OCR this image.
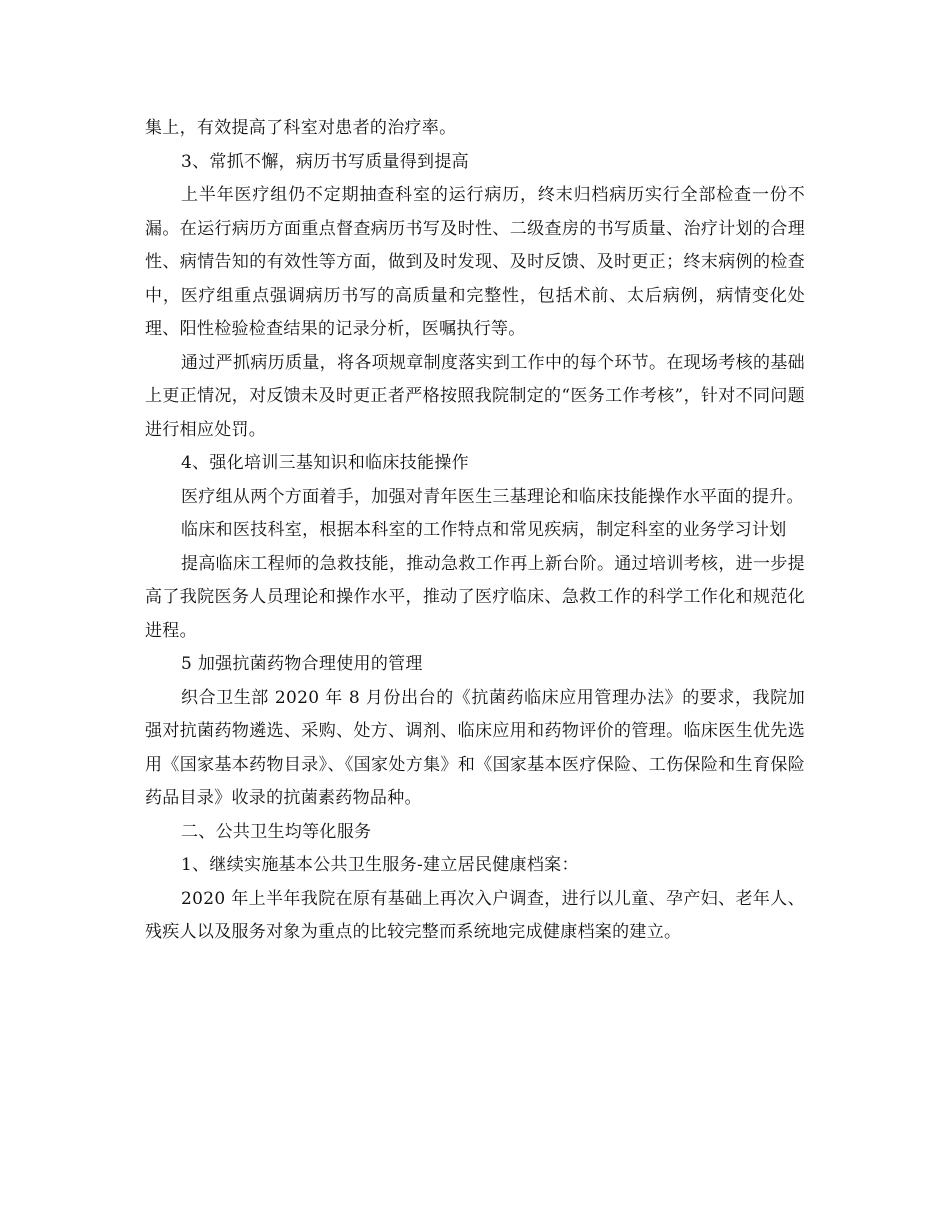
集上，有效提高了科室对患者的治疗率。

3、常抓不懈，病历书写质量得到提高

上半年医疗组仍不定期抽查科室的运行病历，终末归档病历实行全部检查一份不漏。在运行病历方面重点督查病历书写及时性、二级查房的书写质量、治疗计划的合理性、病情告知的有效性等方面，做到及时发现、及时反馈、及时更正；终末病例的检查中，医疗组重点强调病历书写的高质量和完整性，包括术前、太后病例，病情变化处理、阳性检验检查结果的记录分析，医嘱执行等。

通过严抓病历质量，将各项规章制度落实到工作中的每个环节。在现场考核的基础上更正情况，对反馈未及时更正者严格按照我院制定的“医务工作考核”，针对不同问题进行相应处罚。

4、强化培训三基知识和临床技能操作

医疗组从两个方面着手，加强对青年医生三基理论和临床技能操作水平面的提升。

临床和医技科室，根据本科室的工作特点和常见疾病，制定科室的业务学习计划

提高临床工程师的急救技能，推动急救工作再上新台阶。通过培训考核，进一步提高了我院医务人员理论和操作水平，推动了医疗临床、急救工作的科学工作化和规范化进程。

5 加强抗菌药物合理使用的管理

织合卫生部 2020 年 8 月份出台的《抗菌药临床应用管理办法》的要求，我院加强对抗菌药物遴选、采购、处方、调剂、临床应用和药物评价的管理。临床医生优先选用《国家基本药物目录》、《国家处方集》和《国家基本医疗保险、工伤保险和生育保险药品目录》收录的抗菌素药物品种。

二、公共卫生均等化服务

1、继续实施基本公共卫生服务-建立居民健康档案：

2020 年上半年我院在原有基础上再次入户调查，进行以儿童、孕产妇、老年人、残疾人以及服务对象为重点的比较完整而系统地完成健康档案的建立。
